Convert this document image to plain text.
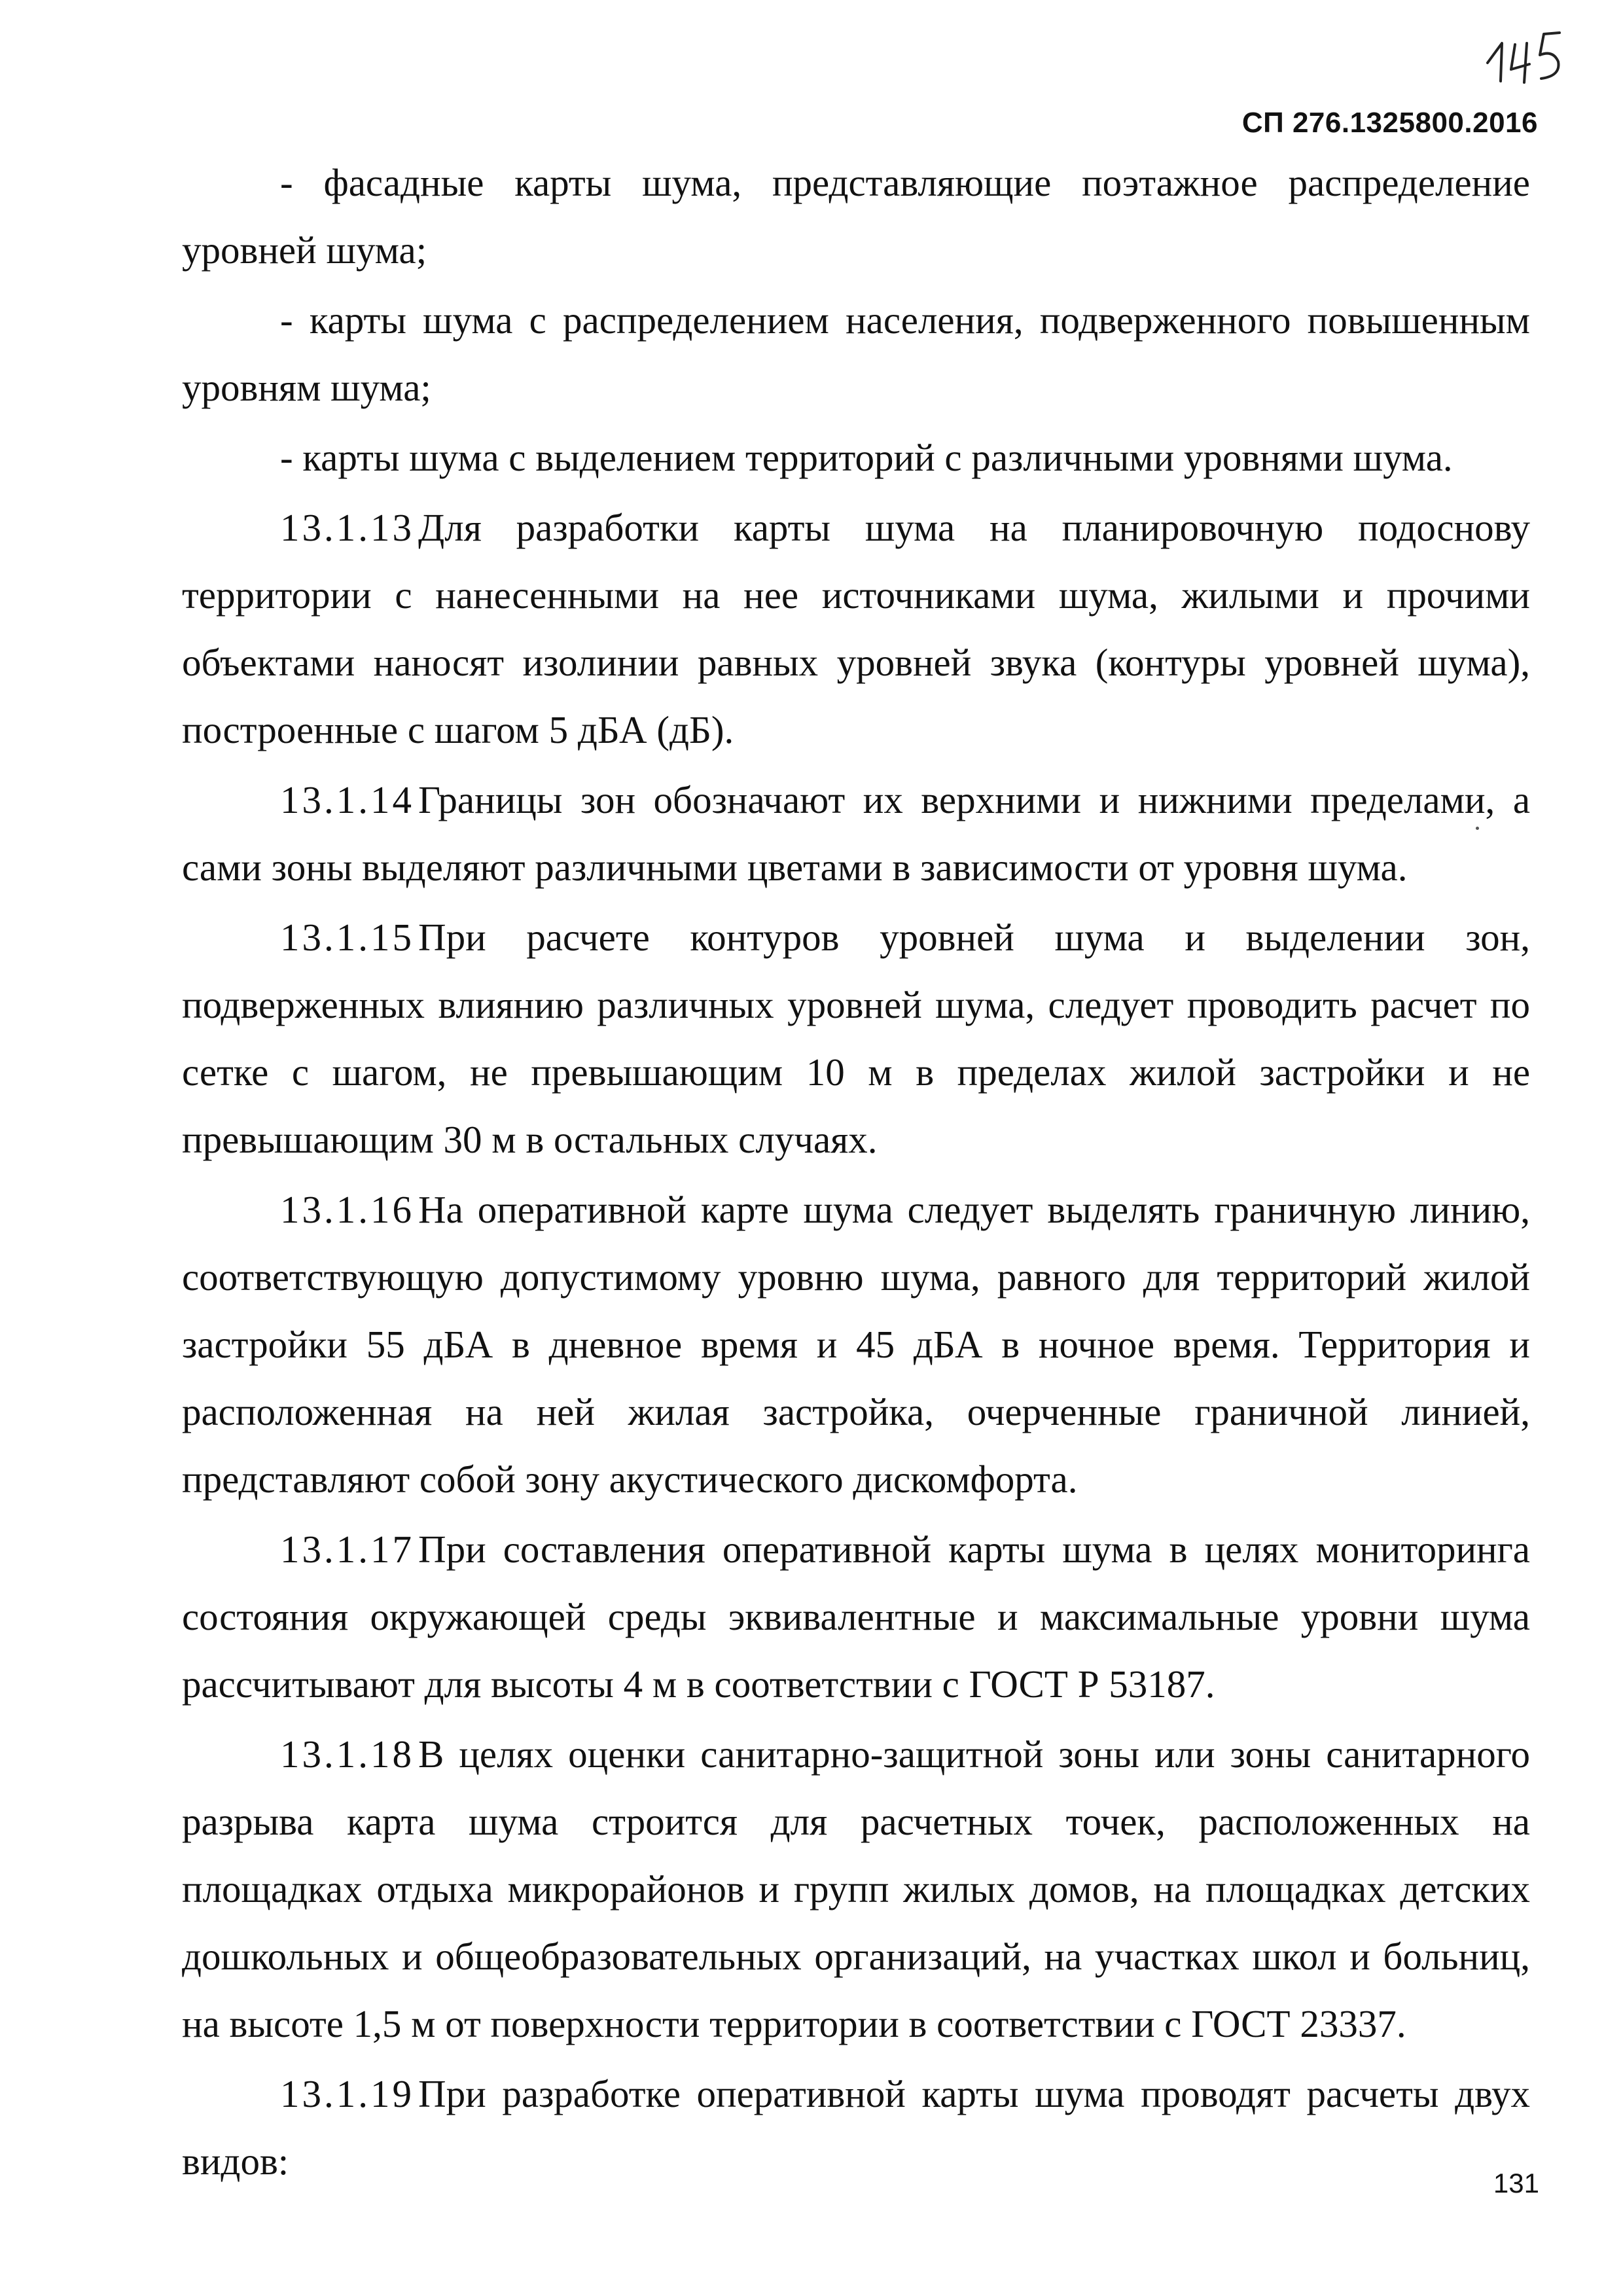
СП 276.1325800.2016

- фасадные карты шума, представляющие поэтажное распределение уровней шума;

- карты шума с распределением населения, подверженного повышенным уровням шума;

- карты шума с выделением территорий с различными уровнями шума.

13.1.13 Для разработки карты шума на планировочную подоснову территории с нанесенными на нее источниками шума, жилыми и прочими объектами наносят изолинии равных уровней звука (контуры уровней шума), построенные с шагом 5 дБА (дБ).

13.1.14 Границы зон обозначают их верхними и нижними пределами, а сами зоны выделяют различными цветами в зависимости от уровня шума.

13.1.15 При расчете контуров уровней шума и выделении зон, подверженных влиянию различных уровней шума, следует проводить расчет по сетке с шагом, не превышающим 10 м в пределах жилой застройки и не превышающим 30 м в остальных случаях.

13.1.16 На оперативной карте шума следует выделять граничную линию, соответствующую допустимому уровню шума, равного для территорий жилой застройки 55 дБА в дневное время и 45 дБА в ночное время. Территория и расположенная на ней жилая застройка, очерченные граничной линией, представляют собой зону акустического дискомфорта.

13.1.17 При составления оперативной карты шума в целях мониторинга состояния окружающей среды эквивалентные и максимальные уровни шума рассчитывают для высоты 4 м в соответствии с ГОСТ Р 53187.

13.1.18 В целях оценки санитарно-защитной зоны или зоны санитарного разрыва карта шума строится для расчетных точек, расположенных на площадках отдыха микрорайонов и групп жилых домов, на площадках детских дошкольных и общеобразовательных организаций, на участках школ и больниц, на высоте 1,5 м от поверхности территории в соответствии с ГОСТ 23337.

13.1.19 При разработке оперативной карты шума проводят расчеты двух видов:

131
